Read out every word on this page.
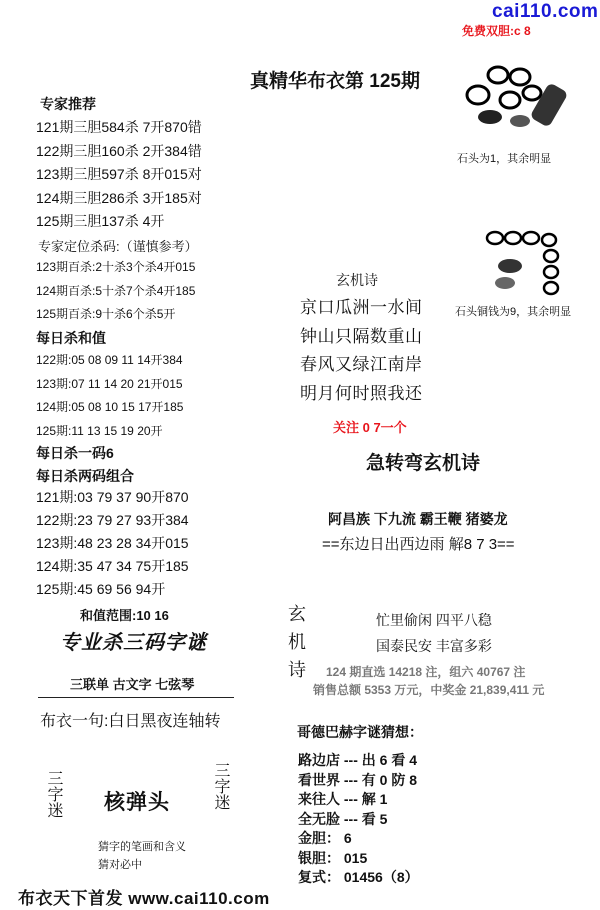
cai110.com
免费双胆:c 8
真精华布衣第 125期
专家推荐
121期三胆584杀 7开870错
122期三胆160杀 2开384错
123期三胆597杀 8开015对
124期三胆286杀 3开185对
125期三胆137杀 4开
专家定位杀码:（谨慎参考）
123期百杀:2十杀3个杀4开015
124期百杀:5十杀7个杀4开185
125期百杀:9十杀6个杀5开
每日杀和值
122期:05 08 09 11 14开384
123期:07 11 14 20 21开015
124期:05 08 10 15 17开185
125期:11 13 15 19 20开
每日杀一码6
每日杀两码组合
121期:03 79 37 90开870
122期:23 79 27 93开384
123期:48 23 28 34开015
124期:35 47 34 75开185
125期:45 69 56 94开
和值范围:10 16
专业杀三码字谜
三联单 古文字 七弦琴
布衣一句:白日黑夜连轴转
三字迷 核弹头	三字迷
猜字的笔画和含义
猜对必中
石头为1，其余明显
石头铜钱为9，其余明显
玄机诗
京口瓜洲一水间
钟山只隔数重山
春风又绿江南岸
明月何时照我还
关注 0 7一个
急转弯玄机诗
阿昌族 下九流 霸王鞭 猪婆龙
==东边日出西边雨 解8 7 3==
玄机诗	忙里偷闲 四平八稳
国泰民安 丰富多彩
124 期直选 14218 注，组六 40767 注
销售总额 5353 万元，中奖金 21,839,411 元
哥德巴赫字谜猜想：
路边店 --- 出 6 看 4
看世界 --- 有 0 防 8
来往人 --- 解 1
全无脸 --- 看 5
金胆： 6
银胆： 015
复式： 01456（8）
布衣天下首发 www.cai110.com
